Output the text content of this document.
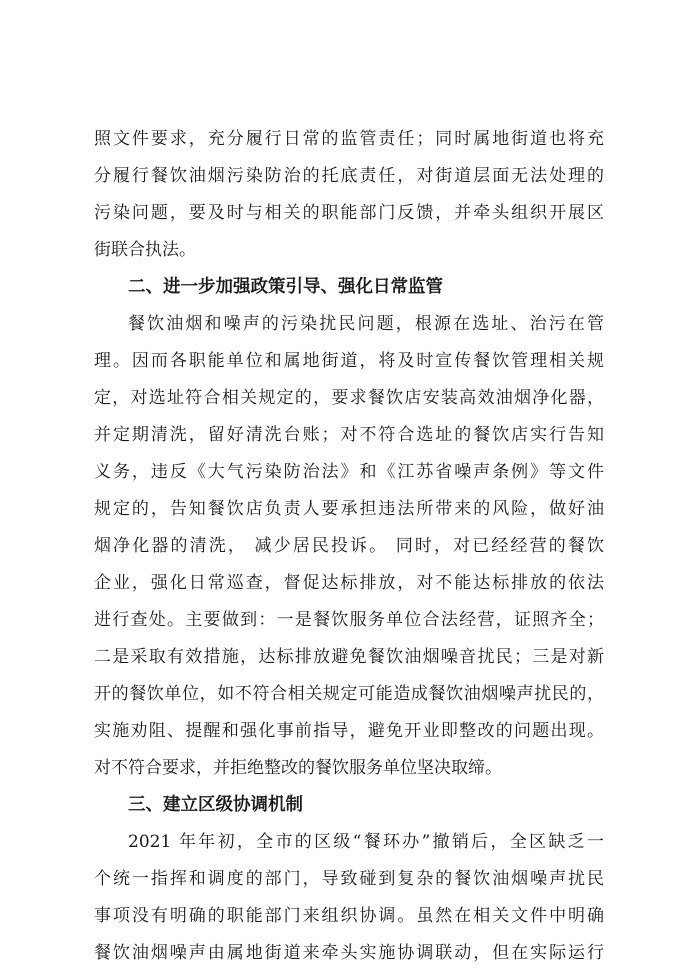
照文件要求，充分履行日常的监管责任；同时属地街道也将充
分履行餐饮油烟污染防治的托底责任，对街道层面无法处理的
污染问题，要及时与相关的职能部门反馈，并牵头组织开展区
街联合执法。
二、进一步加强政策引导、强化日常监管
餐饮油烟和噪声的污染扰民问题，根源在选址、治污在管
理。因而各职能单位和属地街道，将及时宣传餐饮管理相关规
定，对选址符合相关规定的，要求餐饮店安装高效油烟净化器，
并定期清洗，留好清洗台账；对不符合选址的餐饮店实行告知
义务，违反《大气污染防治法》和《江苏省噪声条例》等文件
规定的，告知餐饮店负责人要承担违法所带来的风险，做好油
烟净化器的清洗， 减少居民投诉。 同时，对已经经营的餐饮
企业，强化日常巡查，督促达标排放，对不能达标排放的依法
进行查处。主要做到：一是餐饮服务单位合法经营，证照齐全；
二是采取有效措施，达标排放避免餐饮油烟噪音扰民；三是对新
开的餐饮单位，如不符合相关规定可能造成餐饮油烟噪声扰民的，
实施劝阻、提醒和强化事前指导，避免开业即整改的问题出现。
对不符合要求，并拒绝整改的餐饮服务单位坚决取缔。
三、建立区级协调机制
2021 年年初，全市的区级“餐环办”撤销后，全区缺乏一
个统一指挥和调度的部门，导致碰到复杂的餐饮油烟噪声扰民
事项没有明确的职能部门来组织协调。虽然在相关文件中明确
餐饮油烟噪声由属地街道来牵头实施协调联动，但在实际运行
